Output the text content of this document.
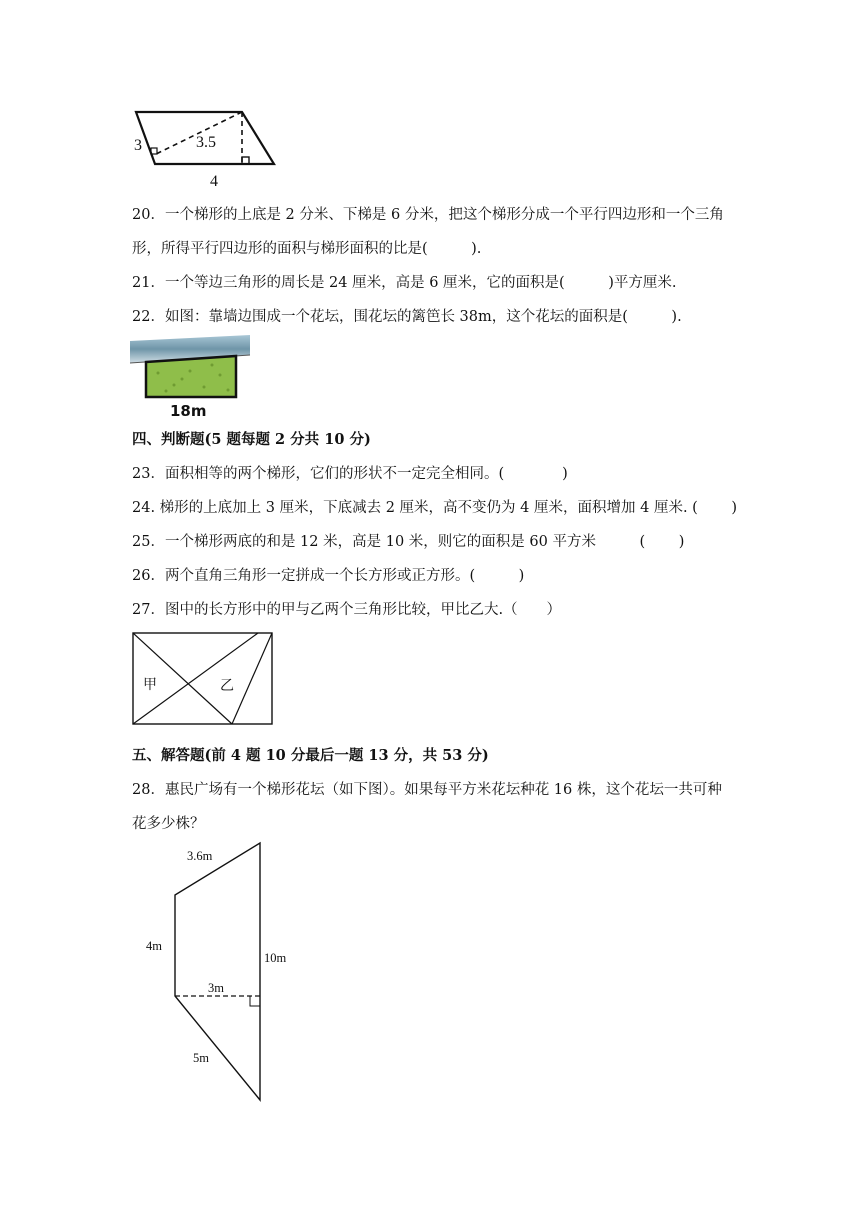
3	3.5
4
20．一个梯形的上底是 2 分米、下梯是 6 分米，把这个梯形分成一个平行四边形和一个三角
形，所得平行四边形的面积与梯形面积的比是(　　　).
21．一个等边三角形的周长是 24 厘米，高是 6 厘米，它的面积是(　　　)平方厘米.
22．如图：靠墙边围成一个花坛，围花坛的篱笆长 38m，这个花坛的面积是(　　　).
18m
四、判断题(5 题每题 2 分共 10 分)
23．面积相等的两个梯形，它们的形状不一定完全相同。(　　　　)
24. 梯形的上底加上 3 厘米，下底减去 2 厘米，高不变仍为 4 厘米，面积增加 4 厘米. (　　 )
25．一个梯形两底的和是 12 米，高是 10 米，则它的面积是 60 平方米　　　(　　 )
26．两个直角三角形一定拼成一个长方形或正方形。(　　　)
27．图中的长方形中的甲与乙两个三角形比较，甲比乙大.（　　）
甲	乙
五、解答题(前 4 题 10 分最后一题 13 分，共 53 分)
28．惠民广场有一个梯形花坛（如下图）。如果每平方米花坛种花 16 株，这个花坛一共可种
花多少株？
3.6m
4m
10m
3m
5m
